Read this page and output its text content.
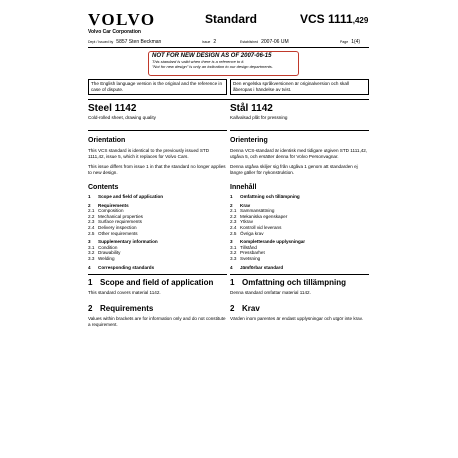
VOLVO
Volvo Car Corporation
Standard	VCS 1111,429
Dept / Issued by 5857 Sten Beckman	Issue 2	Established 2007-06 UM	Page 1(4)
NOT FOR NEW DESIGN AS OF 2007-06-15
This standard is valid when there is a reference to it.
"Not for new design" is only an indication to our design departments.
The English language version is the original and the reference in case of dispute.
Den engelska språkversionen är originalversion och skall åberopas i händelse av tvist.
Steel 1142
Cold-rolled sheet, drawing quality
Orientation
This VCS standard is identical to the previously issued STD 1111,42, issue 5, which it replaces for Volvo Cars.
This issue differs from issue 1 in that the standard no longer applies to new design.
Contents
1	Scope and field of application
2	Requirements
2.1 Composition
2.2 Mechanical properties
2.3 Surface requirements
2.4 Delivery inspection
2.5 Other requirements
3	Supplementary information
3.1 Condition
3.2 Drawability
3.3 Welding
4	Corresponding standards
1 Scope and field of application
This standard covers material 1142.
2 Requirements
Values within brackets are for information only and do not constitute a requirement.
Stål 1142
Kallvalsad plåt för pressning
Orientering
Denna VCS-standard är identisk med tidigare utgiven STD 1111,42, utgåva 5, och ersätter denna för Volvo Personvagnar.
Denna utgåva skiljer sig från utgåva 1 genom att standarden ej längre gäller för nykonstruktion.
Innehåll
1	Omfattning och tillämpning
2	Krav
2.1 Sammansättning
2.2 Mekaniska egenskaper
2.3 Ytkrav
2.4 Kontroll vid leverans
2.5 Övriga krav
3	Kompletterande upplysningar
3.1 Tillstånd
3.2 Pressbarhet
3.3 Svetsning
4	Jämförbar standard
1 Omfattning och tillämpning
Denna standard omfattar material 1142.
2 Krav
Värden inom parentes är endast upplysningar och utgör inte krav.
